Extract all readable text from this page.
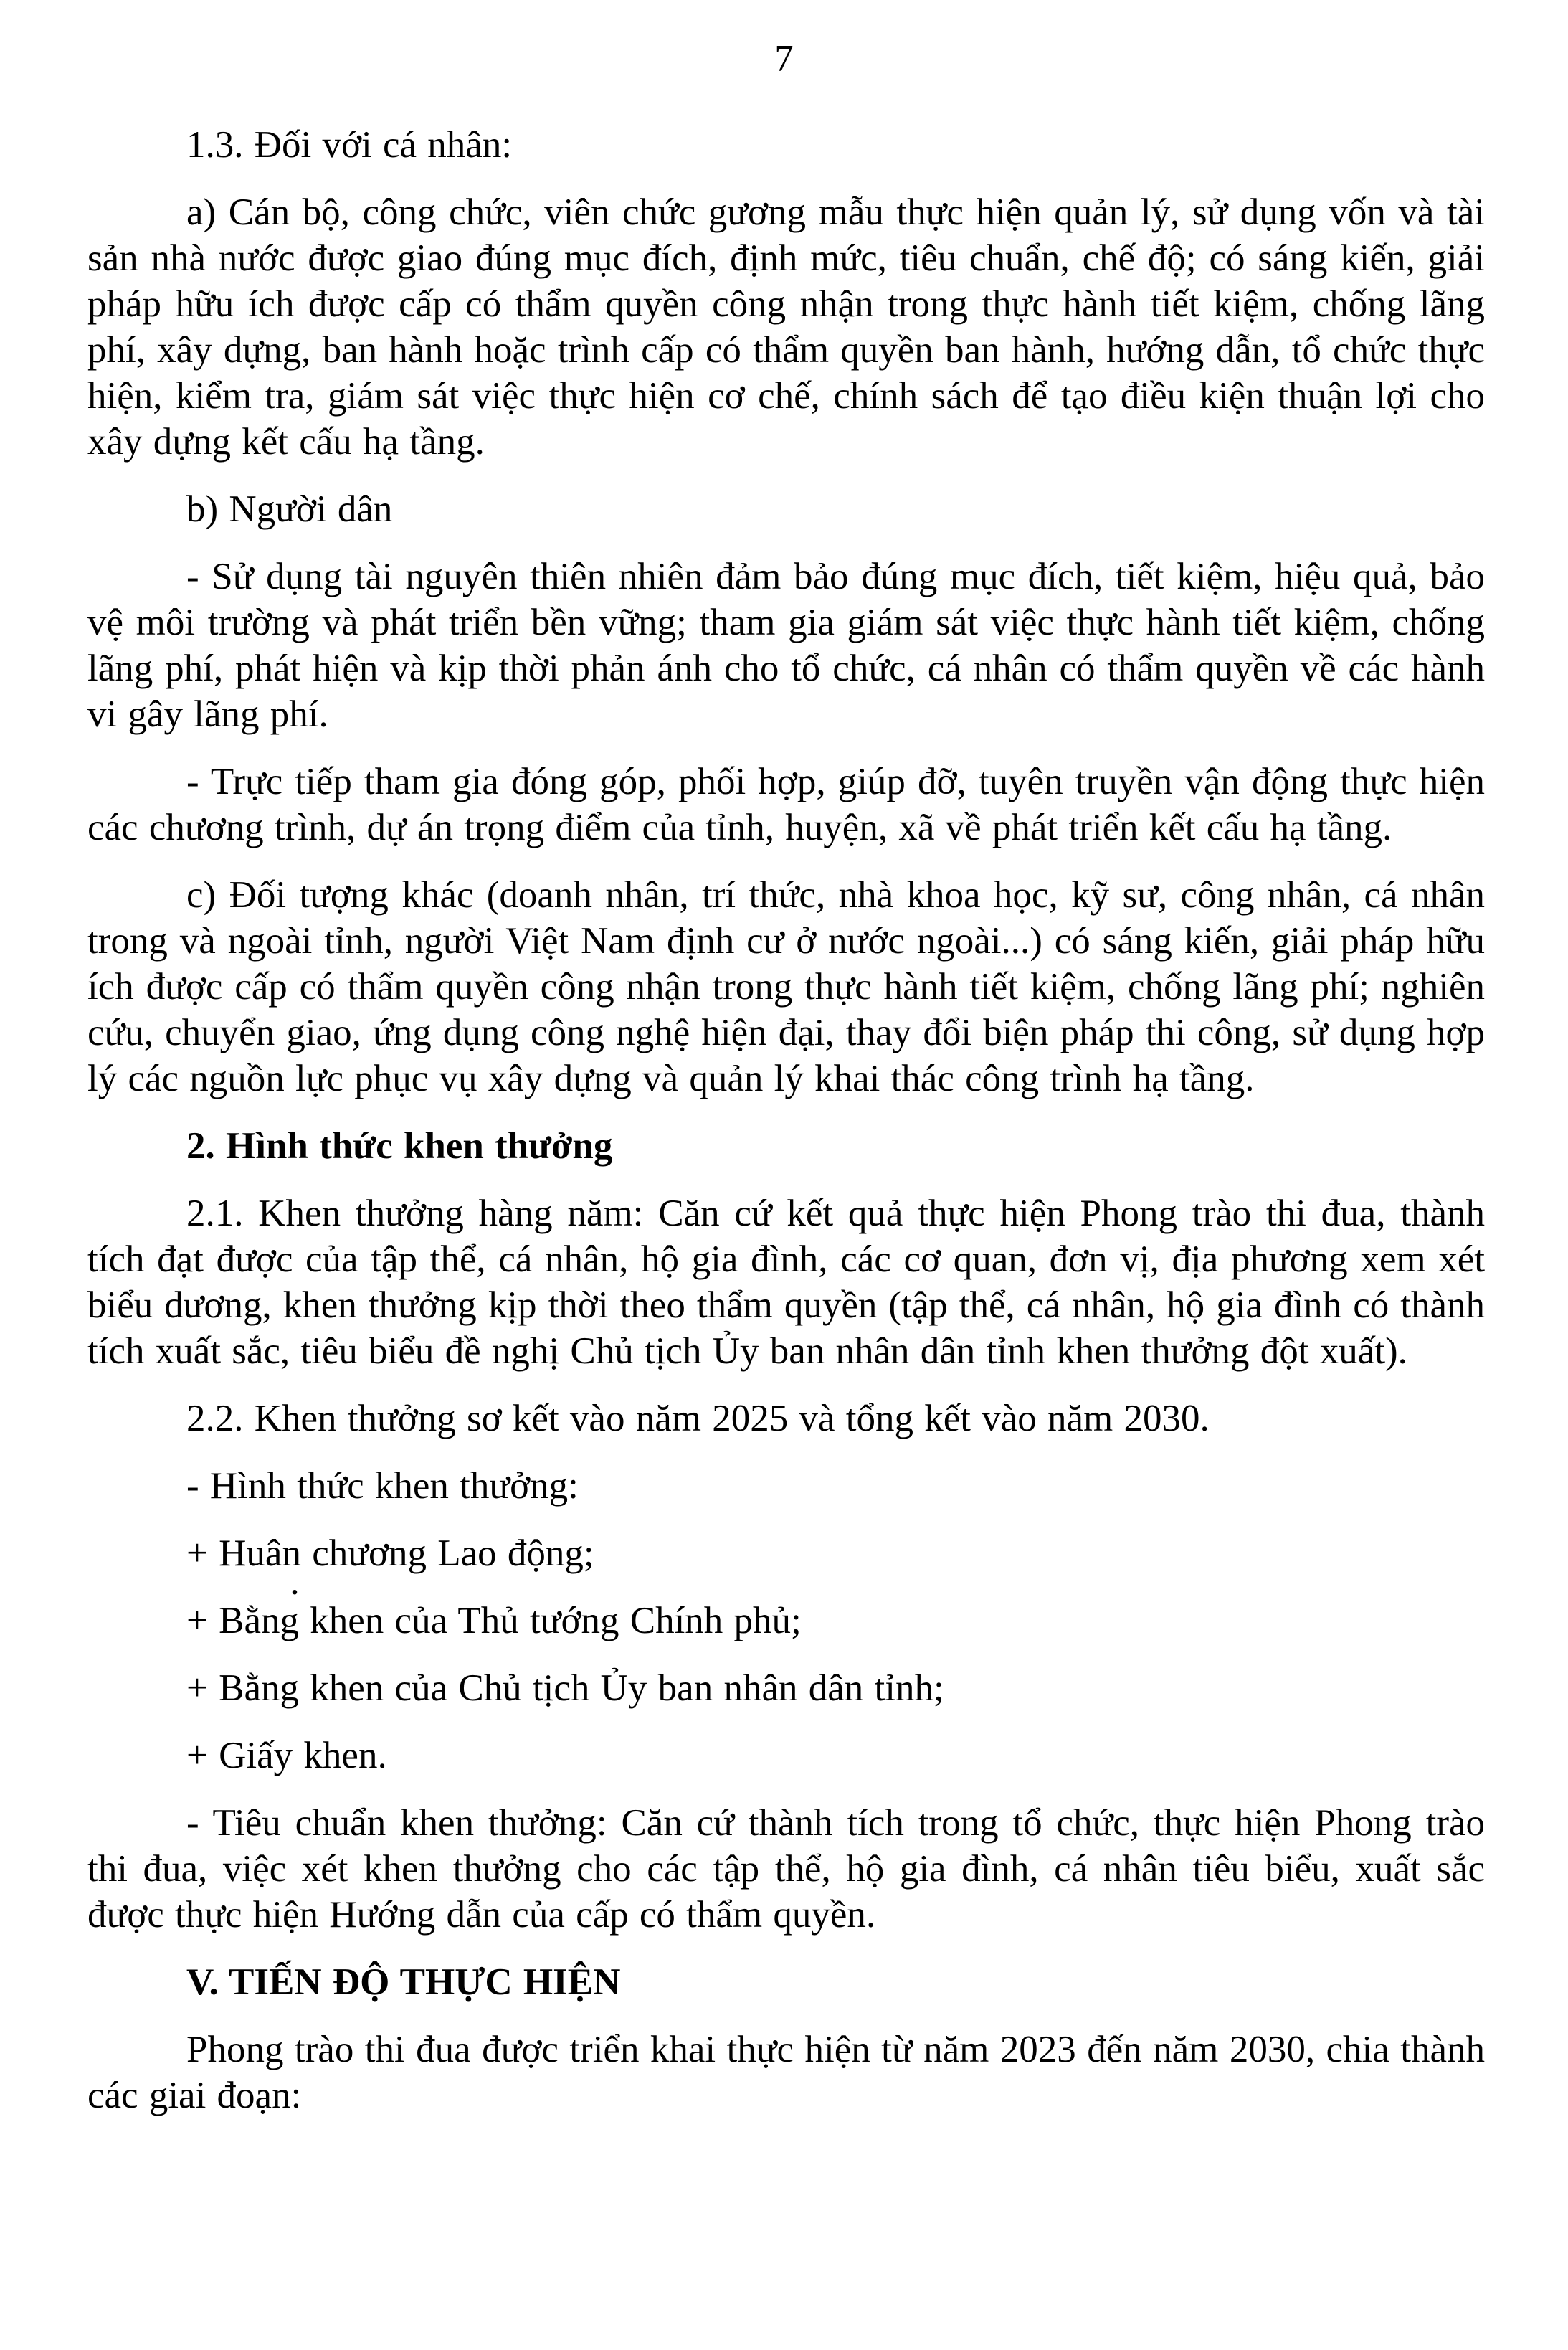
7

1.3. Đối với cá nhân:

a) Cán bộ, công chức, viên chức gương mẫu thực hiện quản lý, sử dụng vốn và tài sản nhà nước được giao đúng mục đích, định mức, tiêu chuẩn, chế độ; có sáng kiến, giải pháp hữu ích được cấp có thẩm quyền công nhận trong thực hành tiết kiệm, chống lãng phí, xây dựng, ban hành hoặc trình cấp có thẩm quyền ban hành, hướng dẫn, tổ chức thực hiện, kiểm tra, giám sát việc thực hiện cơ chế, chính sách để tạo điều kiện thuận lợi cho xây dựng kết cấu hạ tầng.

b) Người dân

- Sử dụng tài nguyên thiên nhiên đảm bảo đúng mục đích, tiết kiệm, hiệu quả, bảo vệ môi trường và phát triển bền vững; tham gia giám sát việc thực hành tiết kiệm, chống lãng phí, phát hiện và kịp thời phản ánh cho tổ chức, cá nhân có thẩm quyền về các hành vi gây lãng phí.

- Trực tiếp tham gia đóng góp, phối hợp, giúp đỡ, tuyên truyền vận động thực hiện các chương trình, dự án trọng điểm của tỉnh, huyện, xã về phát triển kết cấu hạ tầng.

c) Đối tượng khác (doanh nhân, trí thức, nhà khoa học, kỹ sư, công nhân, cá nhân trong và ngoài tỉnh, người Việt Nam định cư ở nước ngoài...) có sáng kiến, giải pháp hữu ích được cấp có thẩm quyền công nhận trong thực hành tiết kiệm, chống lãng phí; nghiên cứu, chuyển giao, ứng dụng công nghệ hiện đại, thay đổi biện pháp thi công, sử dụng hợp lý các nguồn lực phục vụ xây dựng và quản lý khai thác công trình hạ tầng.

2. Hình thức khen thưởng

2.1. Khen thưởng hàng năm: Căn cứ kết quả thực hiện Phong trào thi đua, thành tích đạt được của tập thể, cá nhân, hộ gia đình, các cơ quan, đơn vị, địa phương xem xét biểu dương, khen thưởng kịp thời theo thẩm quyền (tập thể, cá nhân, hộ gia đình có thành tích xuất sắc, tiêu biểu đề nghị Chủ tịch Ủy ban nhân dân tỉnh khen thưởng đột xuất).

2.2. Khen thưởng sơ kết vào năm 2025 và tổng kết vào năm 2030.

- Hình thức khen thưởng:

+ Huân chương Lao động;
.

+ Bằng khen của Thủ tướng Chính phủ;

+ Bằng khen của Chủ tịch Ủy ban nhân dân tỉnh;

+ Giấy khen.

- Tiêu chuẩn khen thưởng: Căn cứ thành tích trong tổ chức, thực hiện Phong trào thi đua, việc xét khen thưởng cho các tập thể, hộ gia đình, cá nhân tiêu biểu, xuất sắc được thực hiện Hướng dẫn của cấp có thẩm quyền.

V. TIẾN ĐỘ THỰC HIỆN

Phong trào thi đua được triển khai thực hiện từ năm 2023 đến năm 2030, chia thành các giai đoạn:
